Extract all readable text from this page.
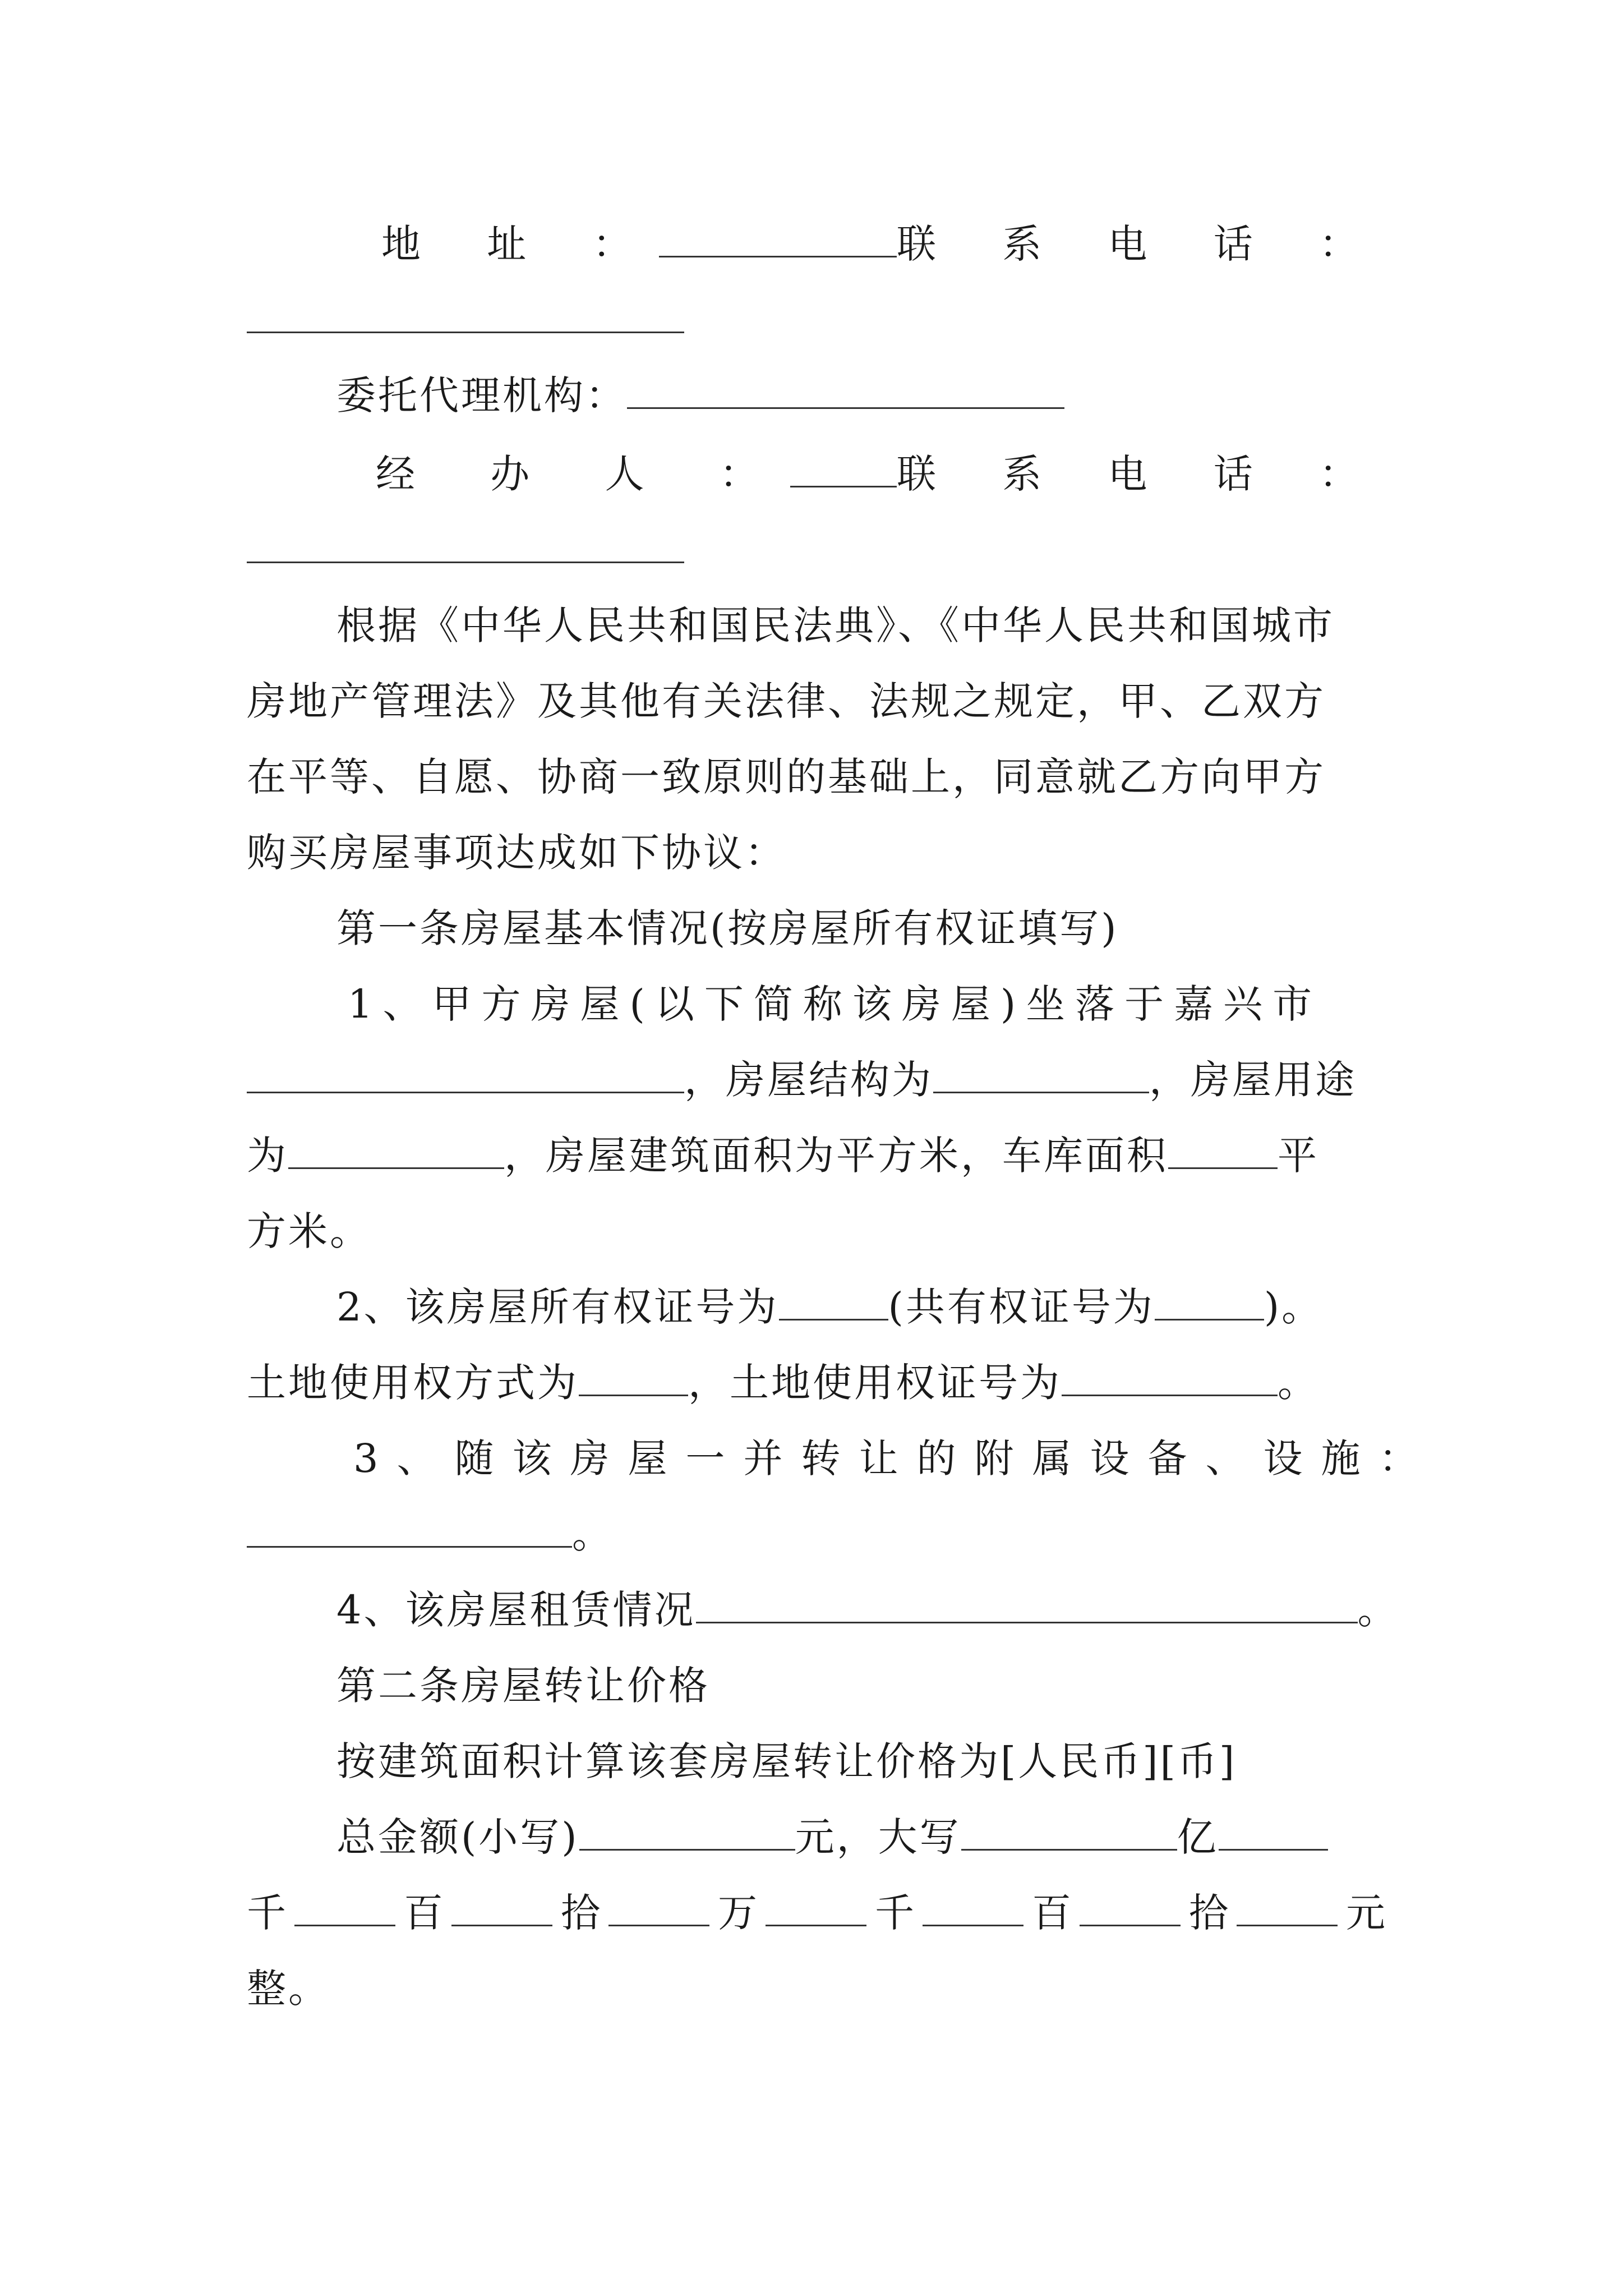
地 址 ：	联 系 电 话 ：
委托代理机构：
经 办 人 ：	联 系 电 话 ：
根据《中华人民共和国民法典》、《中华人民共和国城市
房地产管理法》及其他有关法律、法规之规定，甲、乙双方
在平等、自愿、协商一致原则的基础上，同意就乙方向甲方
购买房屋事项达成如下协议：
第一条房屋基本情况(按房屋所有权证填写)
1、甲方房屋(以下简称该房屋)坐落于嘉兴市
，房屋结构为	，房屋用途
为	，房屋建筑面积为平方米，车库面积	平
方米。
2、该房屋所有权证号为	(共有权证号为	)。
土地使用权方式为	，土地使用权证号为	。
3、随该房屋一并转让的附属设备、设施：
。
4、该房屋租赁情况	。
第二条房屋转让价格
按建筑面积计算该套房屋转让价格为[人民币][币]
总金额(小写)	元，大写	亿
千	百	拾	万	千	百	拾	元
整。
